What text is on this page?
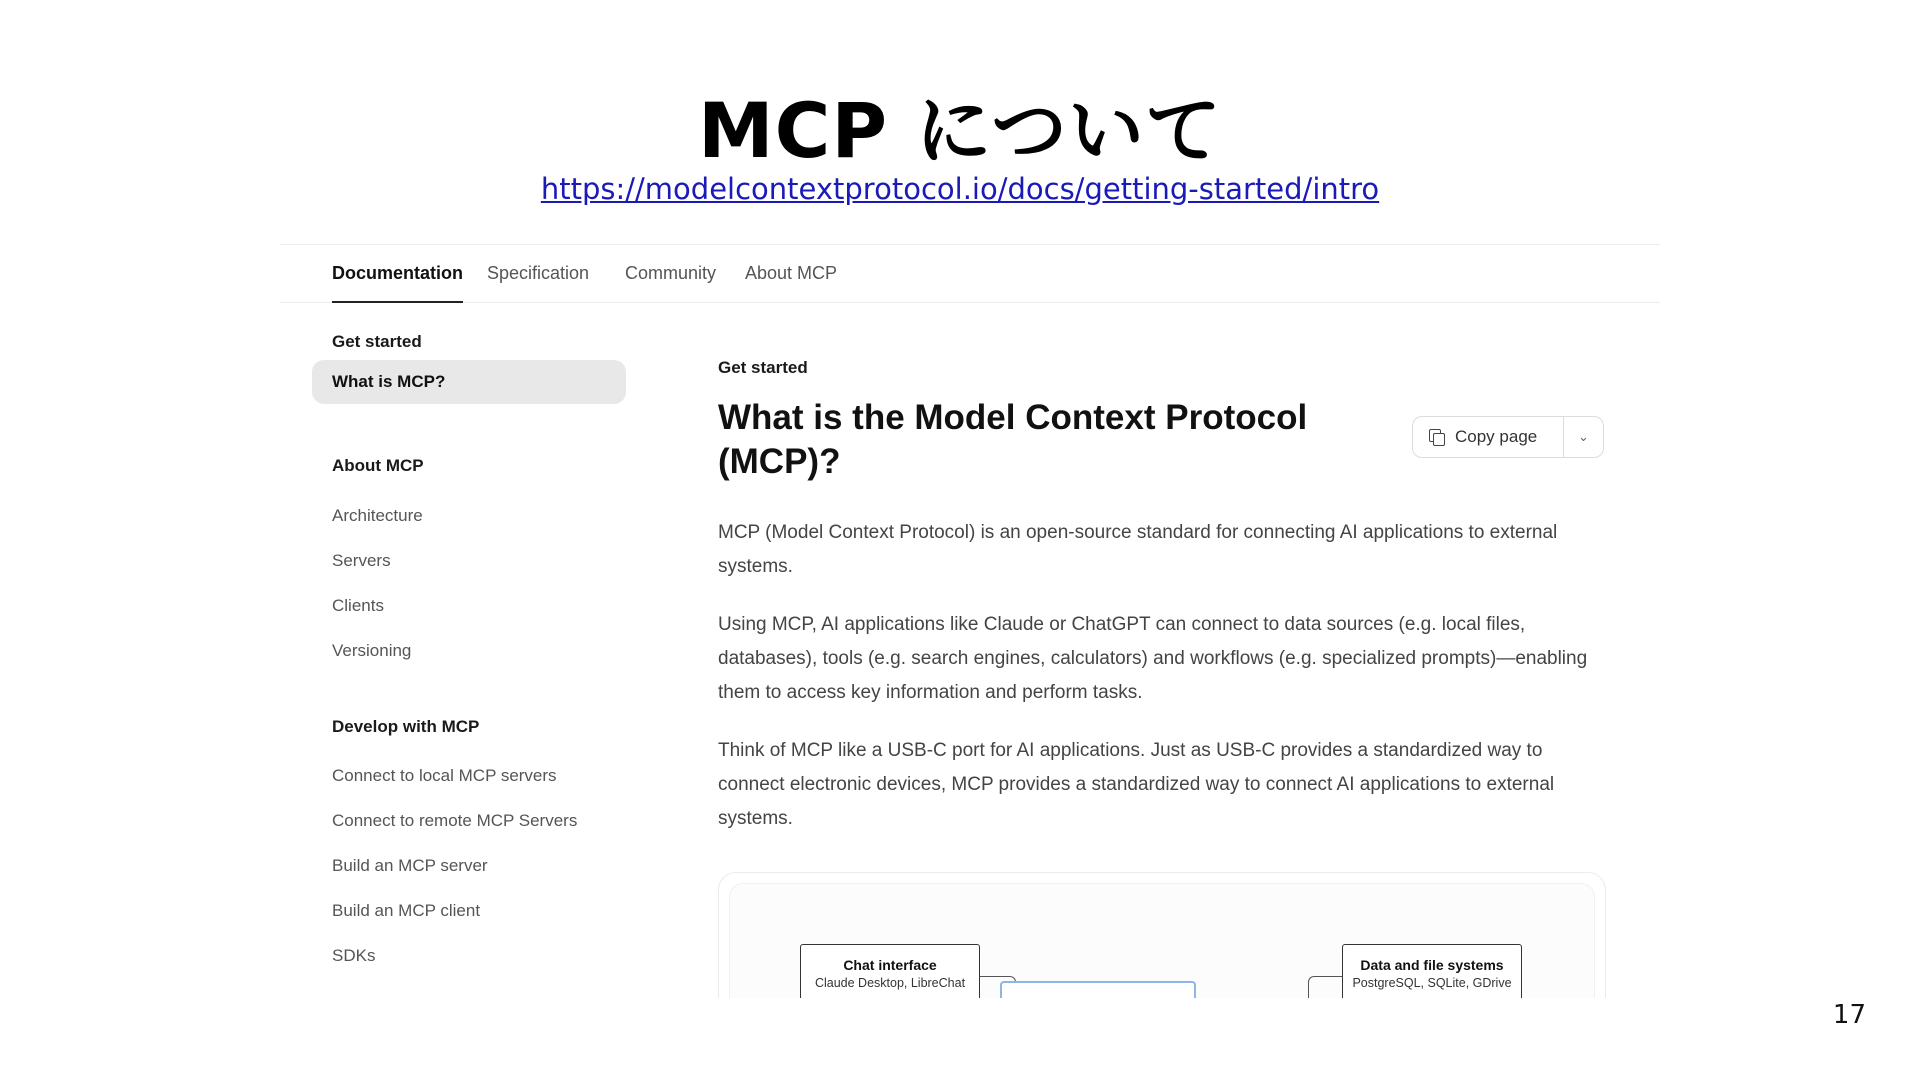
MCP について
https://modelcontextprotocol.io/docs/getting-started/intro
Documentation Specification Community About MCP
Get started
What is MCP?
About MCP
Architecture
Servers
Clients
Versioning
Develop with MCP
Connect to local MCP servers
Connect to remote MCP Servers
Build an MCP server
Build an MCP client
SDKs
Get started
What is the Model Context Protocol (MCP)?
Copy page	⌄
MCP (Model Context Protocol) is an open-source standard for connecting AI applications to external systems.
Using MCP, AI applications like Claude or ChatGPT can connect to data sources (e.g. local files, databases), tools (e.g. search engines, calculators) and workflows (e.g. specialized prompts)—enabling them to access key information and perform tasks.
Think of MCP like a USB-C port for AI applications. Just as USB-C provides a standardized way to connect electronic devices, MCP provides a standardized way to connect AI applications to external systems.
Chat interface
Claude Desktop, LibreChat
Data and file systems
PostgreSQL, SQLite, GDrive
17
